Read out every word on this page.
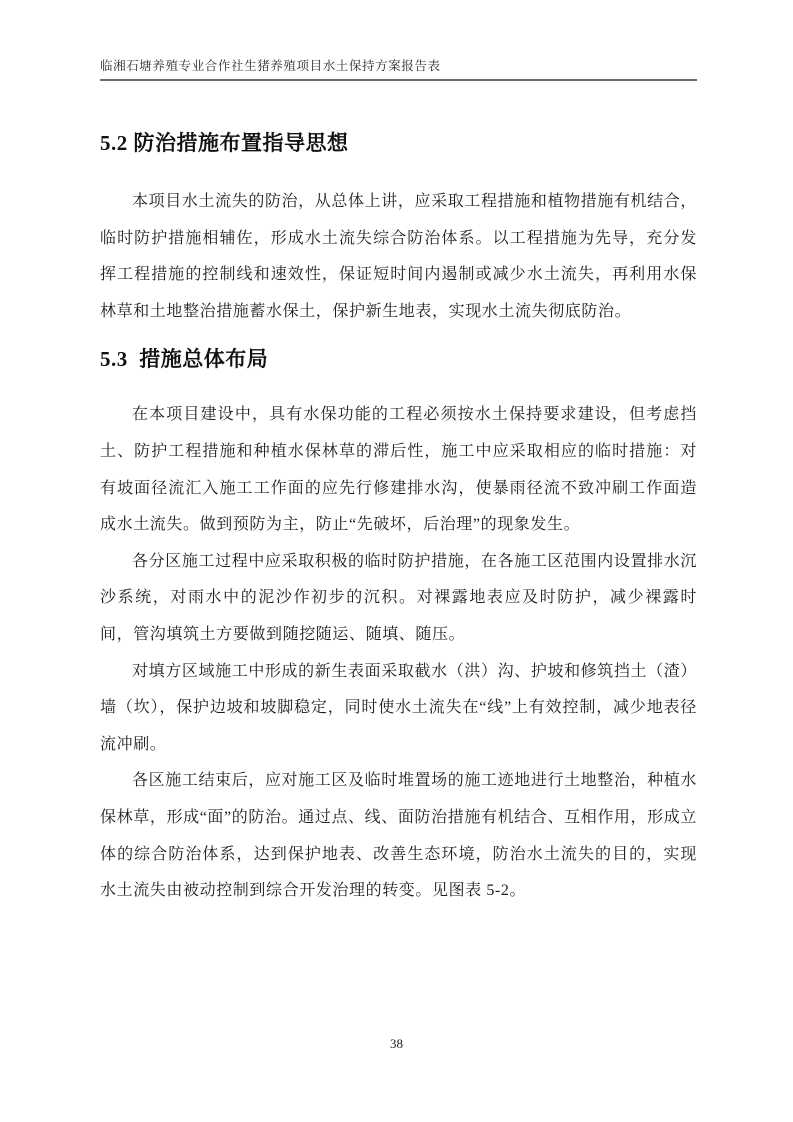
临湘石塘养殖专业合作社生猪养殖项目水土保持方案报告表
5.2 防治措施布置指导思想

本项目水土流失的防治，从总体上讲，应采取工程措施和植物措施有机结合，临时防护措施相辅佐，形成水土流失综合防治体系。以工程措施为先导，充分发挥工程措施的控制线和速效性，保证短时间内遏制或减少水土流失，再利用水保林草和土地整治措施蓄水保土，保护新生地表，实现水土流失彻底防治。

5.3  措施总体布局

在本项目建设中，具有水保功能的工程必须按水土保持要求建设，但考虑挡土、防护工程措施和种植水保林草的滞后性，施工中应采取相应的临时措施：对有坡面径流汇入施工工作面的应先行修建排水沟，使暴雨径流不致冲刷工作面造成水土流失。做到预防为主，防止“先破坏，后治理”的现象发生。

各分区施工过程中应采取积极的临时防护措施，在各施工区范围内设置排水沉沙系统，对雨水中的泥沙作初步的沉积。对裸露地表应及时防护，减少裸露时间，管沟填筑土方要做到随挖随运、随填、随压。

对填方区域施工中形成的新生表面采取截水（洪）沟、护坡和修筑挡土（渣）墙（坎），保护边坡和坡脚稳定，同时使水土流失在“线”上有效控制，减少地表径流冲刷。

各区施工结束后，应对施工区及临时堆置场的施工迹地进行土地整治，种植水保林草，形成“面”的防治。通过点、线、面防治措施有机结合、互相作用，形成立体的综合防治体系，达到保护地表、改善生态环境，防治水土流失的目的，实现水土流失由被动控制到综合开发治理的转变。见图表 5-2。

38
